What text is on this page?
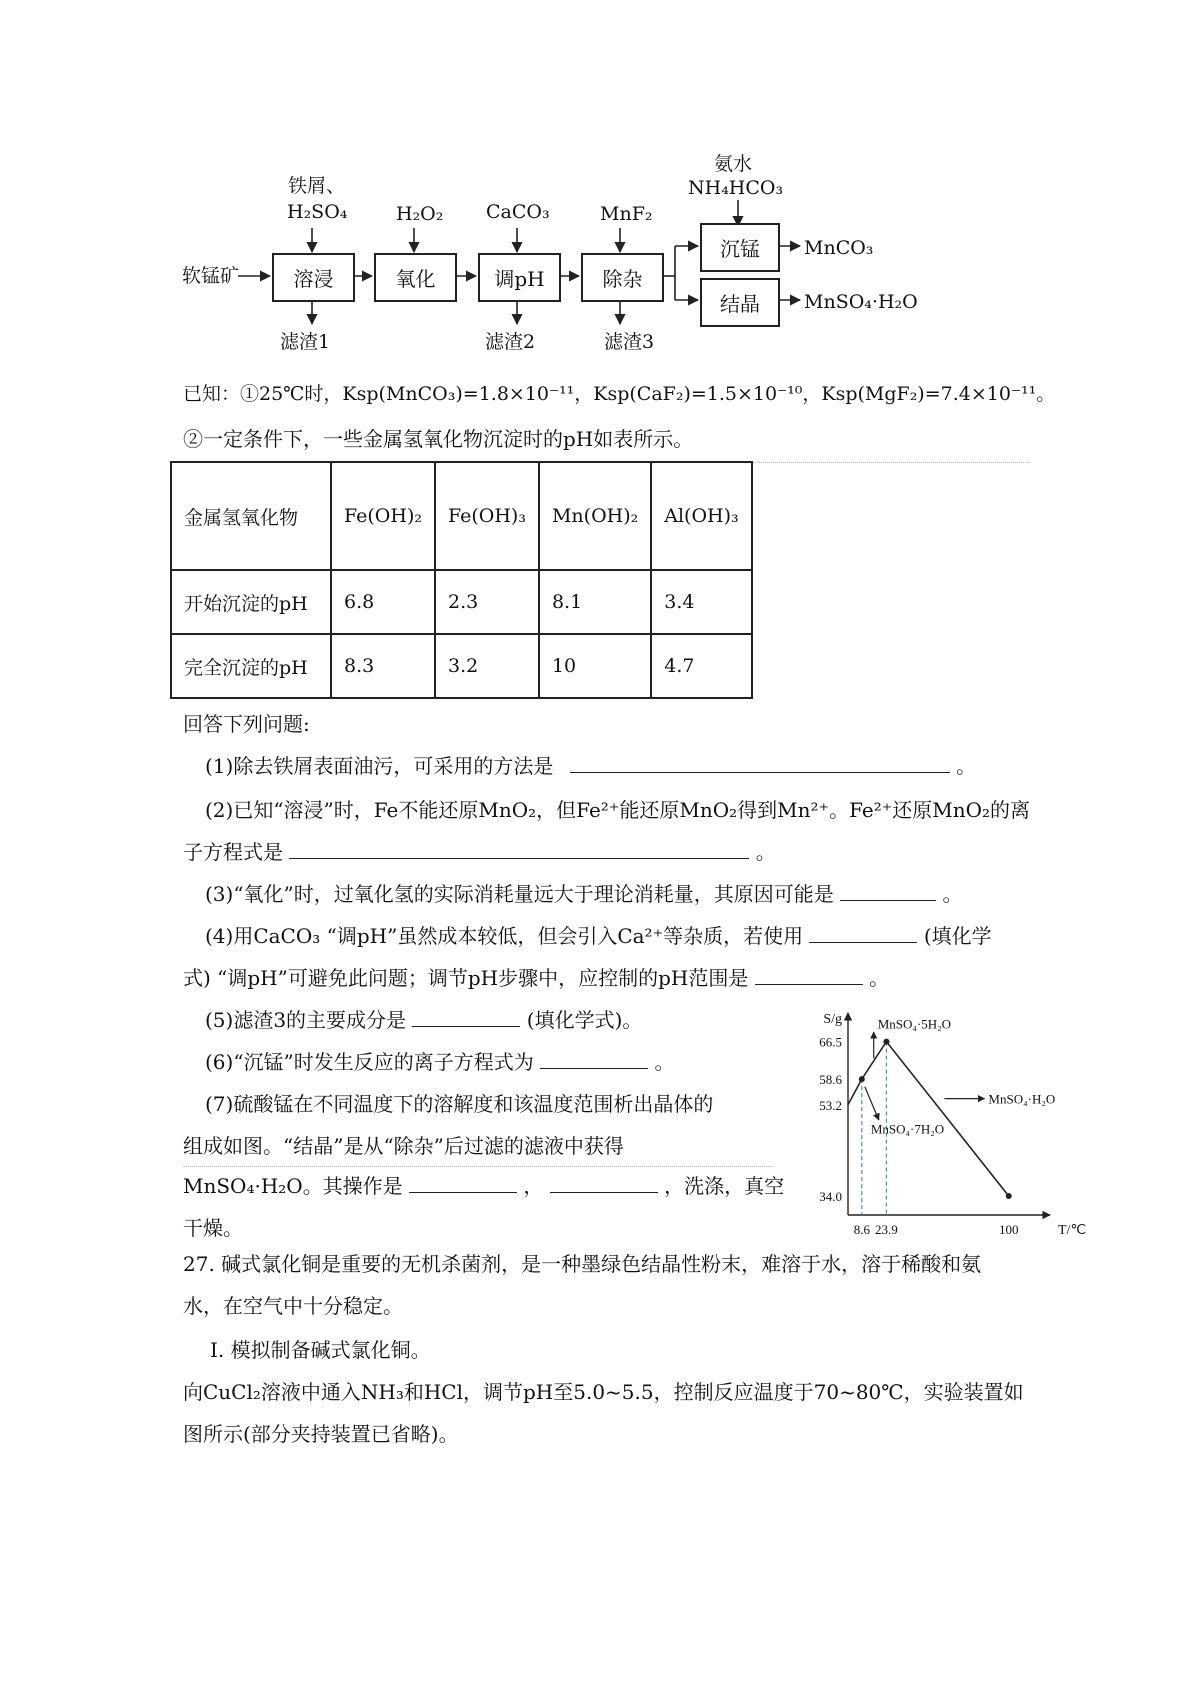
软锰矿
铁屑、
H₂SO₄	H₂O₂ CaCO₃	MnF₂
氨水
NH₄HCO₃
溶浸	氧化	调pH	除杂
沉锰
结晶
MnCO₃
MnSO₄·H₂O
滤渣1	滤渣2	滤渣3
已知：①25℃时，Ksp(MnCO₃)=1.8×10⁻¹¹，Ksp(CaF₂)=1.5×10⁻¹⁰，Ksp(MgF₂)=7.4×10⁻¹¹。
②一定条件下，一些金属氢氧化物沉淀时的pH如表所示。
金属氢氧化物	Fe(OH)₂	Fe(OH)₃	Mn(OH)₂	Al(OH)₃
开始沉淀的pH	6.8	2.3	8.1	3.4
完全沉淀的pH	8.3	3.2	10	4.7
回答下列问题:
(1)除去铁屑表面油污，可采用的方法是	。
(2)已知“溶浸”时，Fe不能还原MnO₂，但Fe²⁺能还原MnO₂得到Mn²⁺。Fe²⁺还原MnO₂的离
子方程式是	。
(3)“氧化”时，过氧化氢的实际消耗量远大于理论消耗量，其原因可能是	。
(4)用CaCO₃ “调pH”虽然成本较低，但会引入Ca²⁺等杂质，若使用	(填化学
式) “调pH”可避免此问题；调节pH步骤中，应控制的pH范围是	。
(5)滤渣3的主要成分是	(填化学式)。
(6)“沉锰”时发生反应的离子方程式为	。
(7)硫酸锰在不同温度下的溶解度和该温度范围析出晶体的
组成如图。“结晶”是从“除杂”后过滤的滤液中获得
MnSO₄·H₂O。其操作是	，	，洗涤，真空
干燥。
S/g
T/℃
66.5
58.6
53.2
34.0
8.6 23.9	100
MnSO₄·5H₂O
MnSO₄·7H₂O
MnSO₄·H₂O
27. 碱式氯化铜是重要的无机杀菌剂，是一种墨绿色结晶性粉末，难溶于水，溶于稀酸和氨
水，在空气中十分稳定。
Ⅰ. 模拟制备碱式氯化铜。
向CuCl₂溶液中通入NH₃和HCl，调节pH至5.0~5.5，控制反应温度于70~80℃，实验装置如
图所示(部分夹持装置已省略)。
